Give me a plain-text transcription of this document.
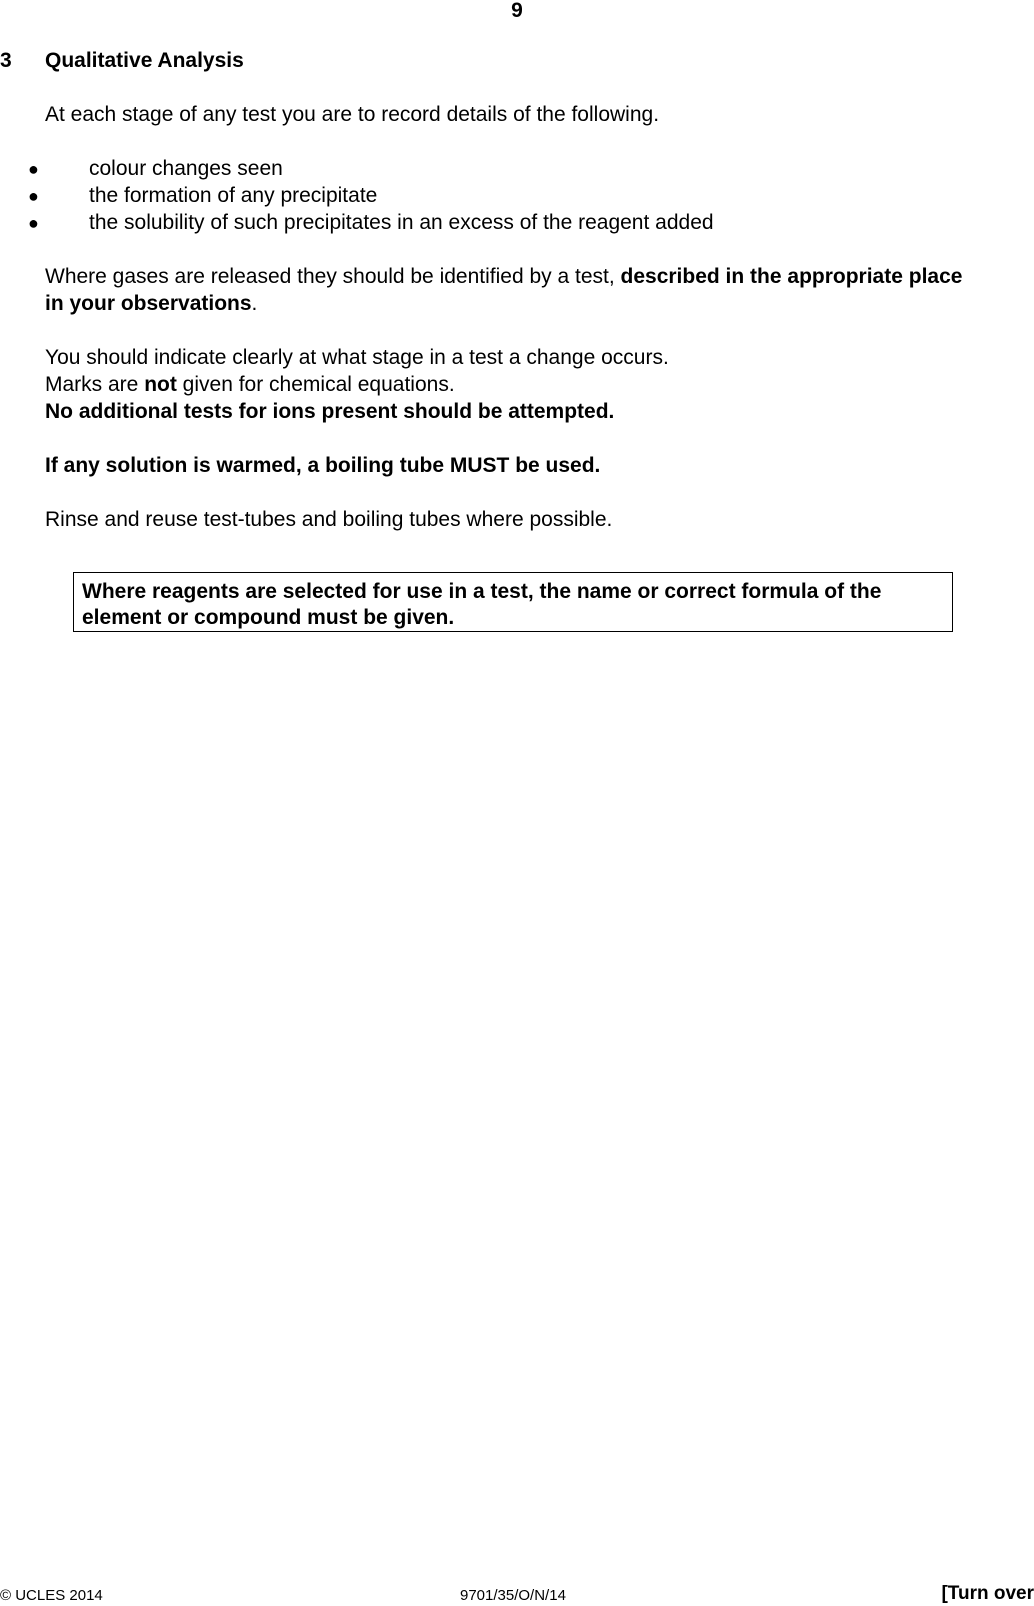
9
3 Qualitative Analysis
At each stage of any test you are to record details of the following.
● colour changes seen
● the formation of any precipitate
● the solubility of such precipitates in an excess of the reagent added
Where gases are released they should be identified by a test, described in the appropriate place
in your observations.
You should indicate clearly at what stage in a test a change occurs.
Marks are not given for chemical equations.
No additional tests for ions present should be attempted.
If any solution is warmed, a boiling tube MUST be used.
Rinse and reuse test-tubes and boiling tubes where possible.
Where reagents are selected for use in a test, the name or correct formula of the
element or compound must be given.
© UCLES 2014	9701/35/O/N/14	[Turn over
